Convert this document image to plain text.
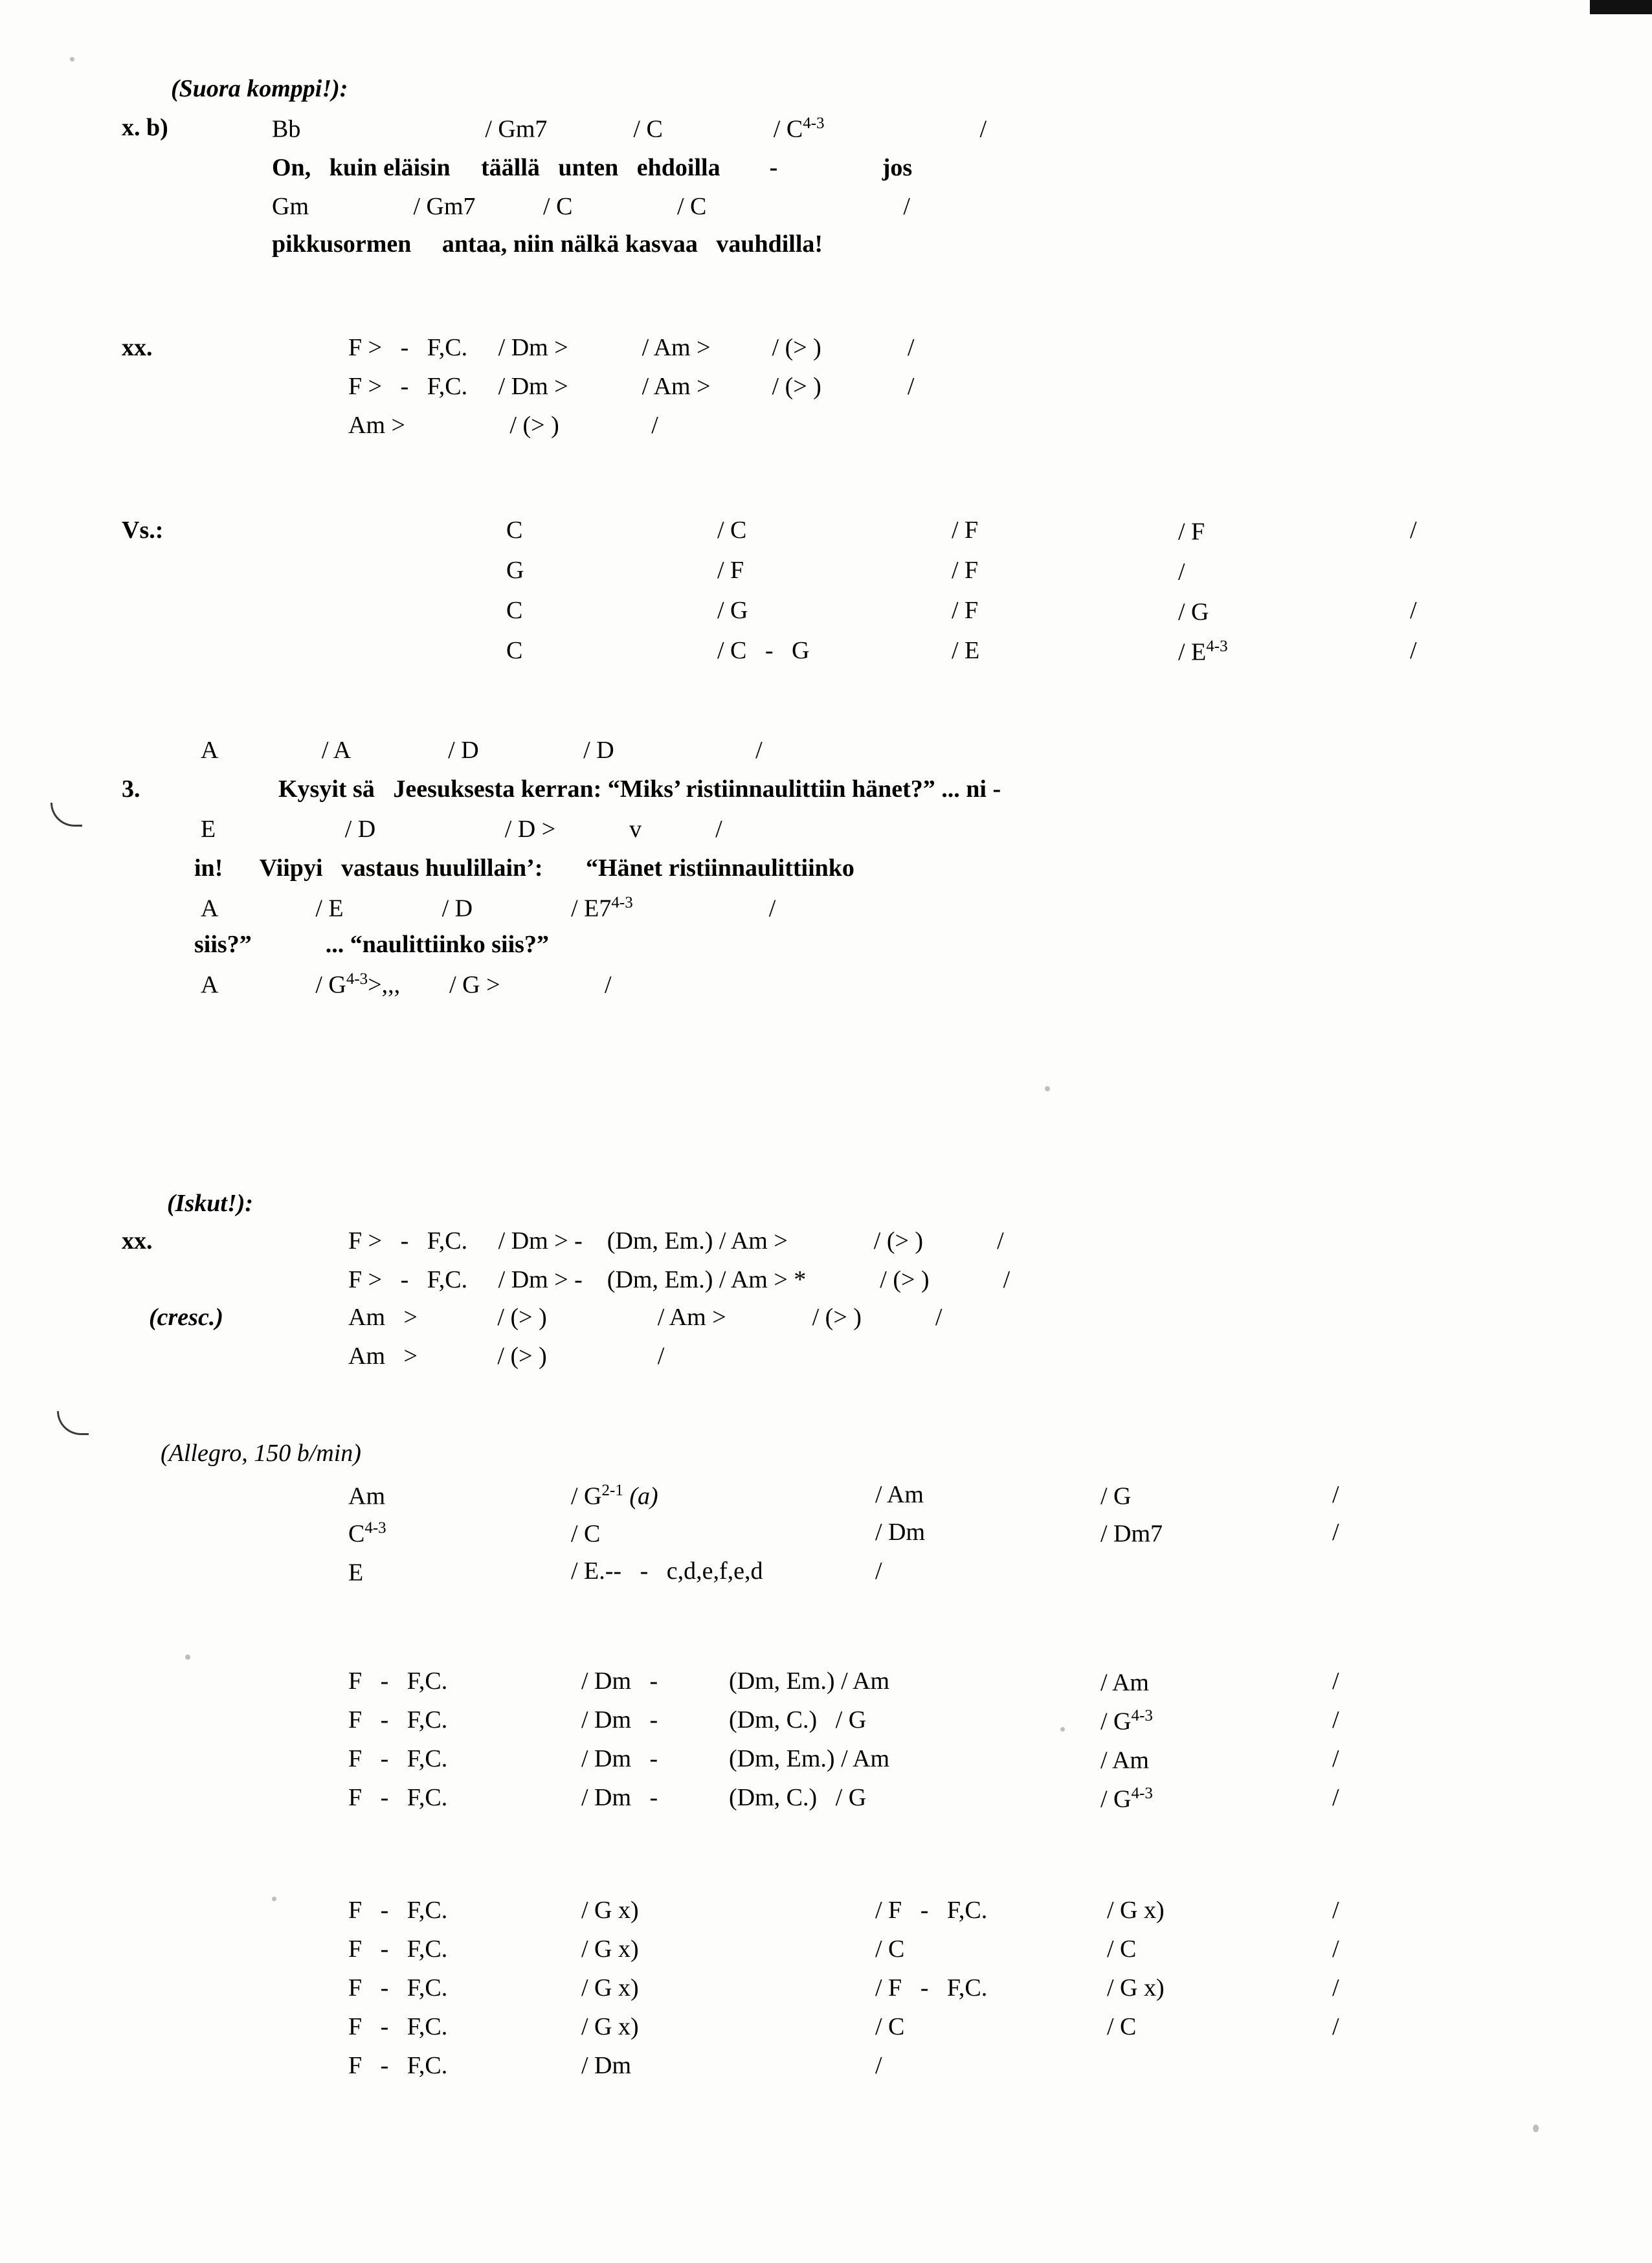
(Suora komppi!):
x. b)	Bb                              / Gm7              / C                  / $C^{4-3}$	/
On,   kuin eläisin     täällä   unten   ehdoilla        -                 jos
Gm                 / Gm7           / C                 / C                                /
pikkusormen     antaa, niin nälkä kasvaa   vauhdilla!
xx.	F >   -   F,C.     / Dm >            / Am >          / (> )              /
F >   -   F,C.     / Dm >            / Am >          / (> )              /
Am >                 / (> )               /
Vs.:	C	/ C	/ F	/ F	/
G	/ F	/ F	/
C	/ G	/ F	/ G	/
C	/ C   -   G	/ E	/ $E^{4-3}$	/
A                 / A                / D                 / D                       /
3.	Kysyit sä   Jeesuksesta kerran: “Miks’ ristiinnaulittiin hänet?” ... ni -
E                     / D                     / D >            v            /
in!      Viipyi   vastaus huulillain’:       “Hänet ristiinnaulittiinko
A                / E                / D                / E7$^{4-3}$	/
siis?”            ... “naulittiinko siis?”
A                / $G^{4-3}>$,,,        / G >                 /
(Iskut!):
xx.	F >   -   F,C.     / Dm > -    (Dm, Em.) / Am >              / (> )            /
F >   -   F,C.     / Dm > -    (Dm, Em.) / Am > *            / (> )            /
(cresc.)	Am   >             / (> )                  / Am >              / (> )            /
Am   >             / (> )                  /
(Allegro, 150 b/min)
Am	/ $G^{2-1}$ (a)	/ Am	/ G	/
$C^{4-3}$	/ C	/ Dm	/ Dm7	/
E	/ E.--   -   c,d,e,f,e,d	/
F   -   F,C.	/ Dm   -	(Dm, Em.) / Am	/ Am	/
F   -   F,C.	/ Dm   -	(Dm, C.)   / G	/ $G^{4-3}$	/
F   -   F,C.	/ Dm   -	(Dm, Em.) / Am	/ Am	/
F   -   F,C.	/ Dm   -	(Dm, C.)   / G	/ $G^{4-3}$	/
F   -   F,C.	/ G x)	/ F   -   F,C.	/ G x)	/
F   -   F,C.	/ G x)	/ C	/ C	/
F   -   F,C.	/ G x)	/ F   -   F,C.	/ G x)	/
F   -   F,C.	/ G x)	/ C	/ C	/
F   -   F,C.	/ Dm	/
